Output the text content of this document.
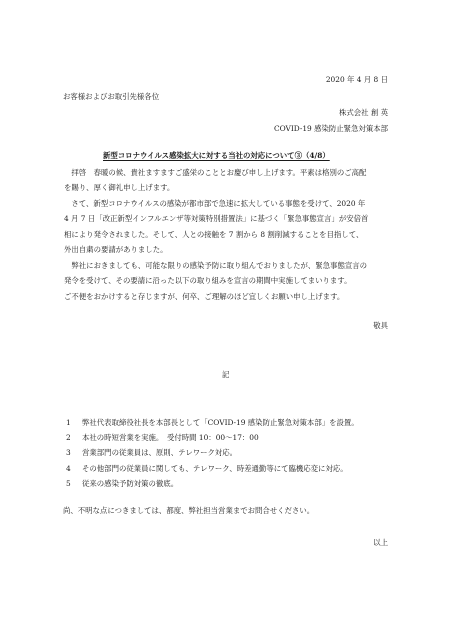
2020 年 4 月 8 日
お客様およびお取引先様各位
株式会社 創 英
COVID-19 感染防止緊急対策本部
新型コロナウイルス感染拡大に対する当社の対応について③（4/8）
　拝啓　春暖の候、貴社ますますご盛栄のこととお慶び申し上げます。平素は格別のご高配
を賜り、厚く御礼申し上げます。
　さて、新型コロナウイルスの感染が都市部で急速に拡大している事態を受けて、2020 年
4 月 7 日「改正新型インフルエンザ等対策特別措置法」に基づく「緊急事態宣言」が安倍首
相により発令されました。そして、人との接触を 7 割から 8 割削減することを目指して、
外出自粛の要請がありました。
　弊社におきましても、可能な限りの感染予防に取り組んでおりましたが、緊急事態宣言の
発令を受けて、その要請に沿った以下の取り組みを宣言の期間中実施してまいります。
ご不便をおかけすると存じますが、何卒、ご理解のほど宜しくお願い申し上げます。
敬具
記
1	弊社代表取締役社長を本部長として「COVID-19 感染防止緊急対策本部」を設置。
2	本社の時短営業を実施。　受付時間 10：00～17：00
3	営業部門の従業員は、原則、テレワーク対応。
4	その他部門の従業員に関しても、テレワーク、時差通勤等にて臨機応変に対応。
5	従来の感染予防対策の徹底。
尚、不明な点につきましては、都度、弊社担当営業までお問合せください。
以上
